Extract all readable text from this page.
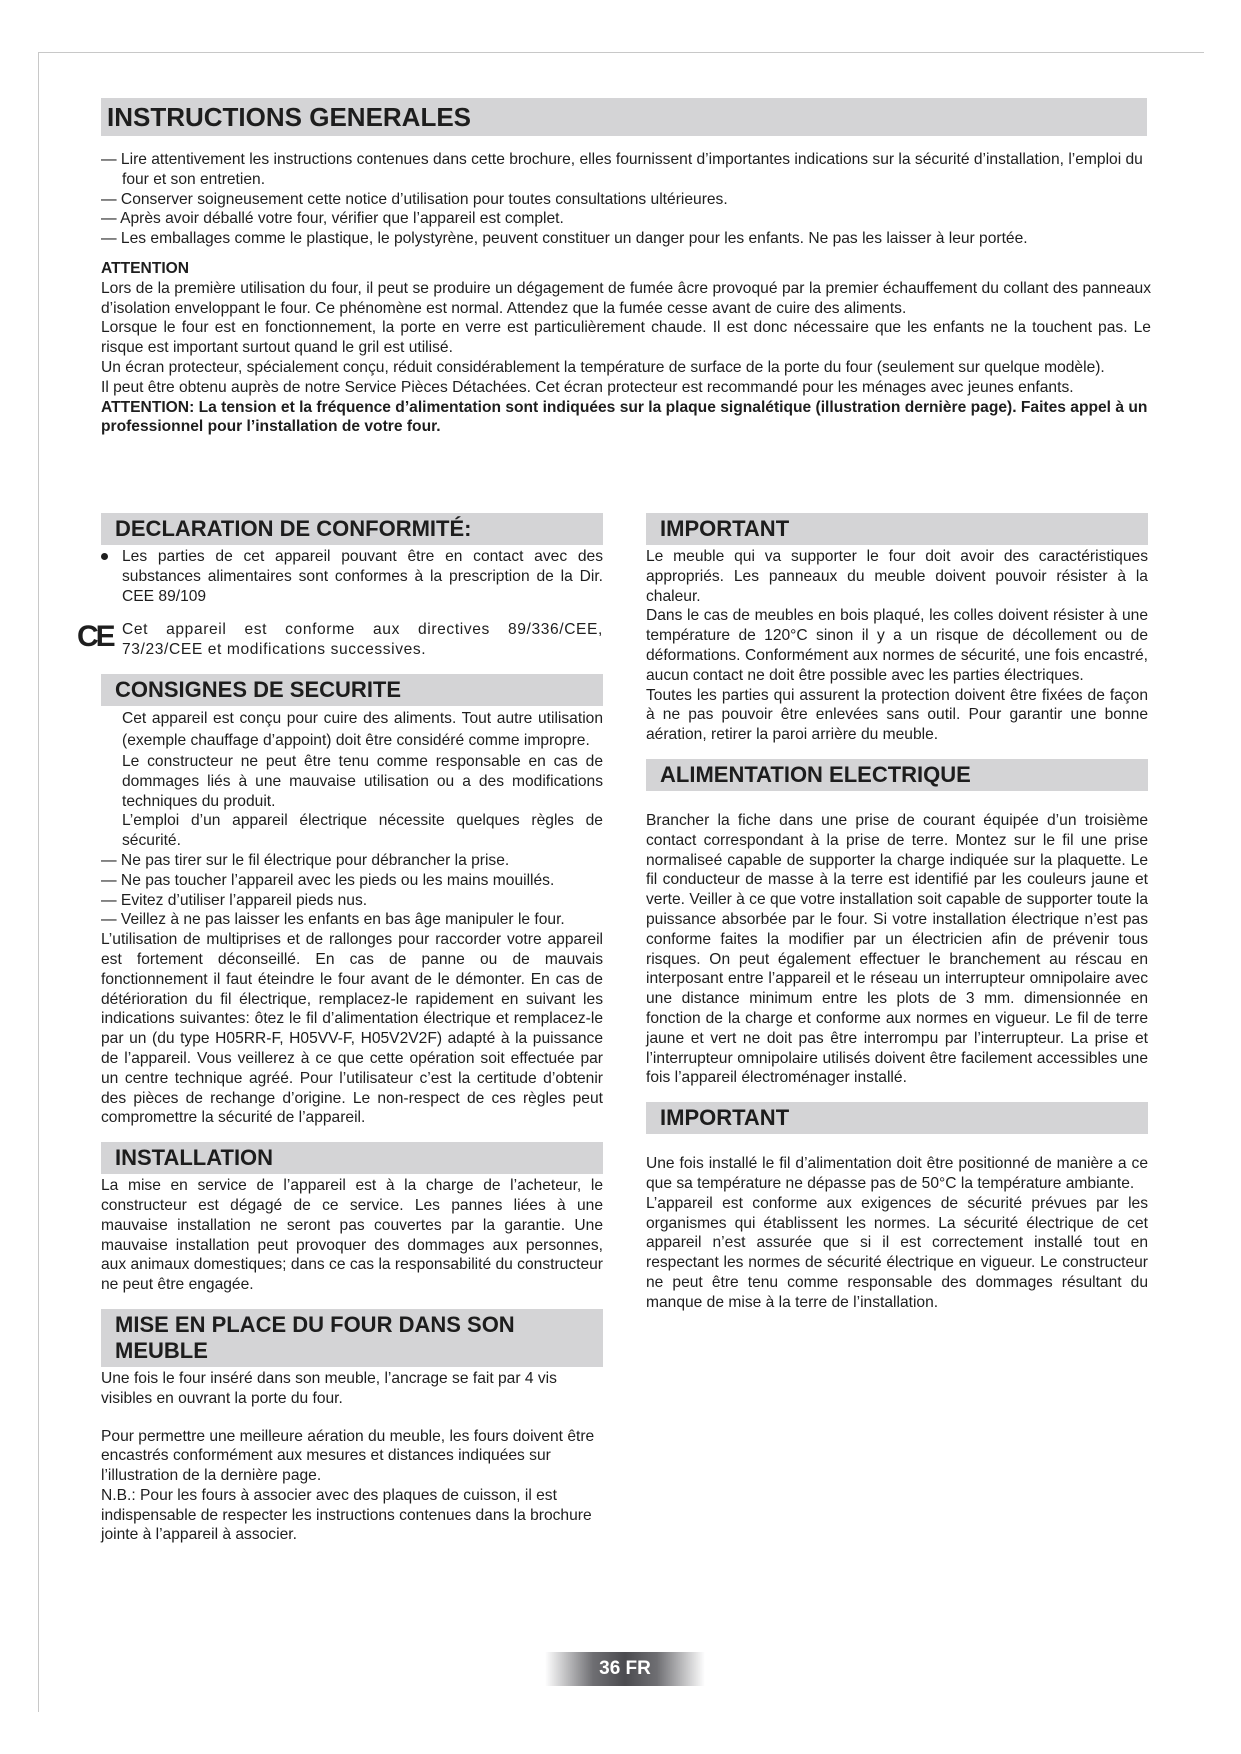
INSTRUCTIONS GENERALES
— Lire attentivement les instructions contenues dans cette brochure, elles fournissent d’importantes indications sur la sécurité d’installation, l’emploi du four et son entretien.
— Conserver soigneusement cette notice d’utilisation pour toutes consultations ultérieures.
— Après avoir déballé votre four, vérifier que l’appareil est complet.
— Les emballages comme le plastique, le polystyrène, peuvent constituer un danger pour les enfants. Ne pas les laisser à leur portée.
ATTENTION

Lors de la première utilisation du four, il peut se produire un dégagement de fumée âcre provoqué par la premier échauffement du collant des panneaux d’isolation enveloppant le four. Ce phénomène est normal. Attendez que la fumée cesse avant de cuire des aliments.

Lorsque le four est en fonctionnement, la porte en verre est particulièrement chaude. Il est donc nécessaire que les enfants ne la touchent pas. Le risque est important surtout quand le gril est utilisé.

Un écran protecteur, spécialement conçu, réduit considérablement la température de surface de la porte du four (seulement sur quelque modèle).

Il peut être obtenu auprès de notre Service Pièces Détachées. Cet écran protecteur est recommandé pour les ménages avec jeunes enfants.

ATTENTION: La tension et la fréquence d’alimentation sont indiquées sur la plaque signalétique (illustration dernière page). Faites appel à un professionnel pour l’installation de votre four.

DECLARATION DE CONFORMITÉ:
Les parties de cet appareil pouvant être en contact avec des substances alimentaires sont conformes à la prescription de la Dir. CEE 89/109
CE Cet appareil est conforme aux directives 89/336/CEE, 73/23/CEE et modifications successives.
CONSIGNES DE SECURITE

Cet appareil est conçu pour cuire des aliments. Tout autre utilisation (exemple chauffage d’appoint) doit être considéré comme impropre.

Le constructeur ne peut être tenu comme responsable en cas de dommages liés à une mauvaise utilisation ou a des modifications techniques du produit.

L’emploi d’un appareil électrique nécessite quelques règles de sécurité.

— Ne pas tirer sur le fil électrique pour débrancher la prise.
— Ne pas toucher l’appareil avec les pieds ou les mains mouillés.
— Evitez d’utiliser l’appareil pieds nus.
— Veillez à ne pas laisser les enfants en bas âge manipuler le four.

L’utilisation de multiprises et de rallonges pour raccorder votre appareil est fortement déconseillé. En cas de panne ou de mauvais fonctionnement il faut éteindre le four avant de le démonter. En cas de détérioration du fil électrique, remplacez-le rapidement en suivant les indications suivantes: ôtez le fil d’alimentation électrique et remplacez-le par un (du type H05RR-F, H05VV-F, H05V2V2F) adapté à la puissance de l’appareil. Vous veillerez à ce que cette opération soit effectuée par un centre technique agréé. Pour l’utilisateur c’est la certitude d’obtenir des pièces de rechange d’origine. Le non-respect de ces règles peut compromettre la sécurité de l’appareil.

INSTALLATION

La mise en service de l’appareil est à la charge de l’acheteur, le constructeur est dégagé de ce service. Les pannes liées à une mauvaise installation ne seront pas couvertes par la garantie. Une mauvaise installation peut provoquer des dommages aux personnes, aux animaux domestiques; dans ce cas la responsabilité du constructeur ne peut être engagée.

MISE EN PLACE DU FOUR DANS SON MEUBLE

Une fois le four inséré dans son meuble, l’ancrage se fait par 4 vis visibles en ouvrant la porte du four.

Pour permettre une meilleure aération du meuble, les fours doivent être encastrés conformément aux mesures et distances indiquées sur l’illustration de la dernière page.

N.B.: Pour les fours à associer avec des plaques de cuisson, il est indispensable de respecter les instructions contenues dans la brochure jointe à l’appareil à associer.

IMPORTANT

Le meuble qui va supporter le four doit avoir des caractéristiques appropriés. Les panneaux du meuble doivent pouvoir résister à la chaleur.

Dans le cas de meubles en bois plaqué, les colles doivent résister à une température de 120°C sinon il y a un risque de décollement ou de déformations. Conformément aux normes de sécurité, une fois encastré, aucun contact ne doit être possible avec les parties électriques.

Toutes les parties qui assurent la protection doivent être fixées de façon à ne pas pouvoir être enlevées sans outil. Pour garantir une bonne aération, retirer la paroi arrière du meuble.

ALIMENTATION ELECTRIQUE

Brancher la fiche dans une prise de courant équipée d’un troisième contact correspondant à la prise de terre. Montez sur le fil une prise normaliseé capable de supporter la charge indiquée sur la plaquette. Le fil conducteur de masse à la terre est identifié par les couleurs jaune et verte. Veiller à ce que votre installation soit capable de supporter toute la puissance absorbée par le four. Si votre installation électrique n’est pas conforme faites la modifier par un électricien afin de prévenir tous risques. On peut également effectuer le branchement au réscau en interposant entre l’appareil et le réseau un interrupteur omnipolaire avec une distance minimum entre les plots de 3 mm. dimensionnée en fonction de la charge et conforme aux normes en vigueur. Le fil de terre jaune et vert ne doit pas être interrompu par l’interrupteur. La prise et l’interrupteur omnipolaire utilisés doivent être facilement accessibles une fois l’appareil électroménager installé.

IMPORTANT

Une fois installé le fil d’alimentation doit être positionné de manière a ce que sa température ne dépasse pas de 50°C la température ambiante.

L’appareil est conforme aux exigences de sécurité prévues par les organismes qui établissent les normes. La sécurité électrique de cet appareil n’est assurée que si il est correctement installé tout en respectant les normes de sécurité électrique en vigueur. Le constructeur ne peut être tenu comme responsable des dommages résultant du manque de mise à la terre de l’installation.

36 FR
